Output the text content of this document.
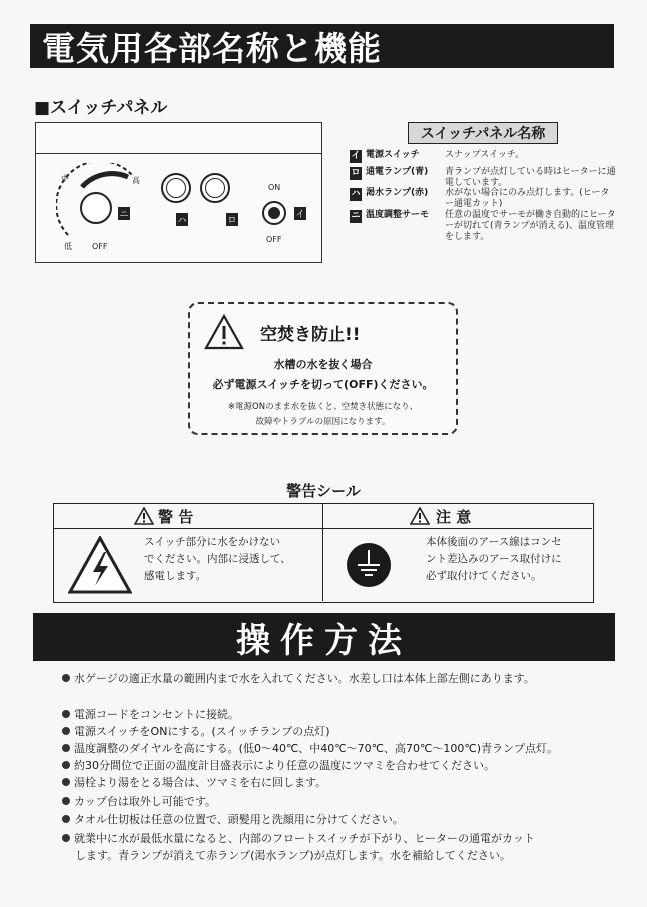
電気用各部名称と機能
■スイッチパネル
中	高
低	OFF
ニ
ハ	ロ
ON
イ
OFF
スイッチパネル名称
イ 電源スイッチ	スナップスイッチ。
ロ 通電ランプ(青) 青ランプが点灯している時はヒーターに通電しています。
ハ 渇水ランプ(赤) 水がない場合にのみ点灯します。(ヒーター通電カット)
ニ 温度調整サーモ 任意の温度でサーモが働き自動的にヒーターが切れて(青ランプが消える)、温度管理をします。
空焚き防止!!
水槽の水を抜く場合
必ず電源スイッチを切って(OFF)ください。
※電源ONのまま水を抜くと、空焚き状態になり、
故障やトラブルの原因になります。
警告シール
警 告	注 意
スイッチ部分に水をかけない
でください。内部に浸透して、
感電します。
本体後面のアース線はコンセ
ント差込みのアース取付けに
必ず取付けてください。
操作方法
水ゲージの適正水量の範囲内まで水を入れてください。水差し口は本体上部左側にあります。
電源コードをコンセントに接続。
電源スイッチをONにする。(スイッチランプの点灯)
温度調整のダイヤルを高にする。(低0〜40℃、中40℃〜70℃、高70℃〜100℃)青ランプ点灯。
約30分間位で正面の温度計目盛表示により任意の温度にツマミを合わせてください。
湯栓より湯をとる場合は、ツマミを右に回します。
カップ台は取外し可能です。
タオル仕切板は任意の位置で、頭髪用と洗顔用に分けてください。
就業中に水が最低水量になると、内部のフロートスイッチが下がり、ヒーターの通電がカット
します。青ランプが消えて赤ランプ(渇水ランプ)が点灯します。水を補給してください。
